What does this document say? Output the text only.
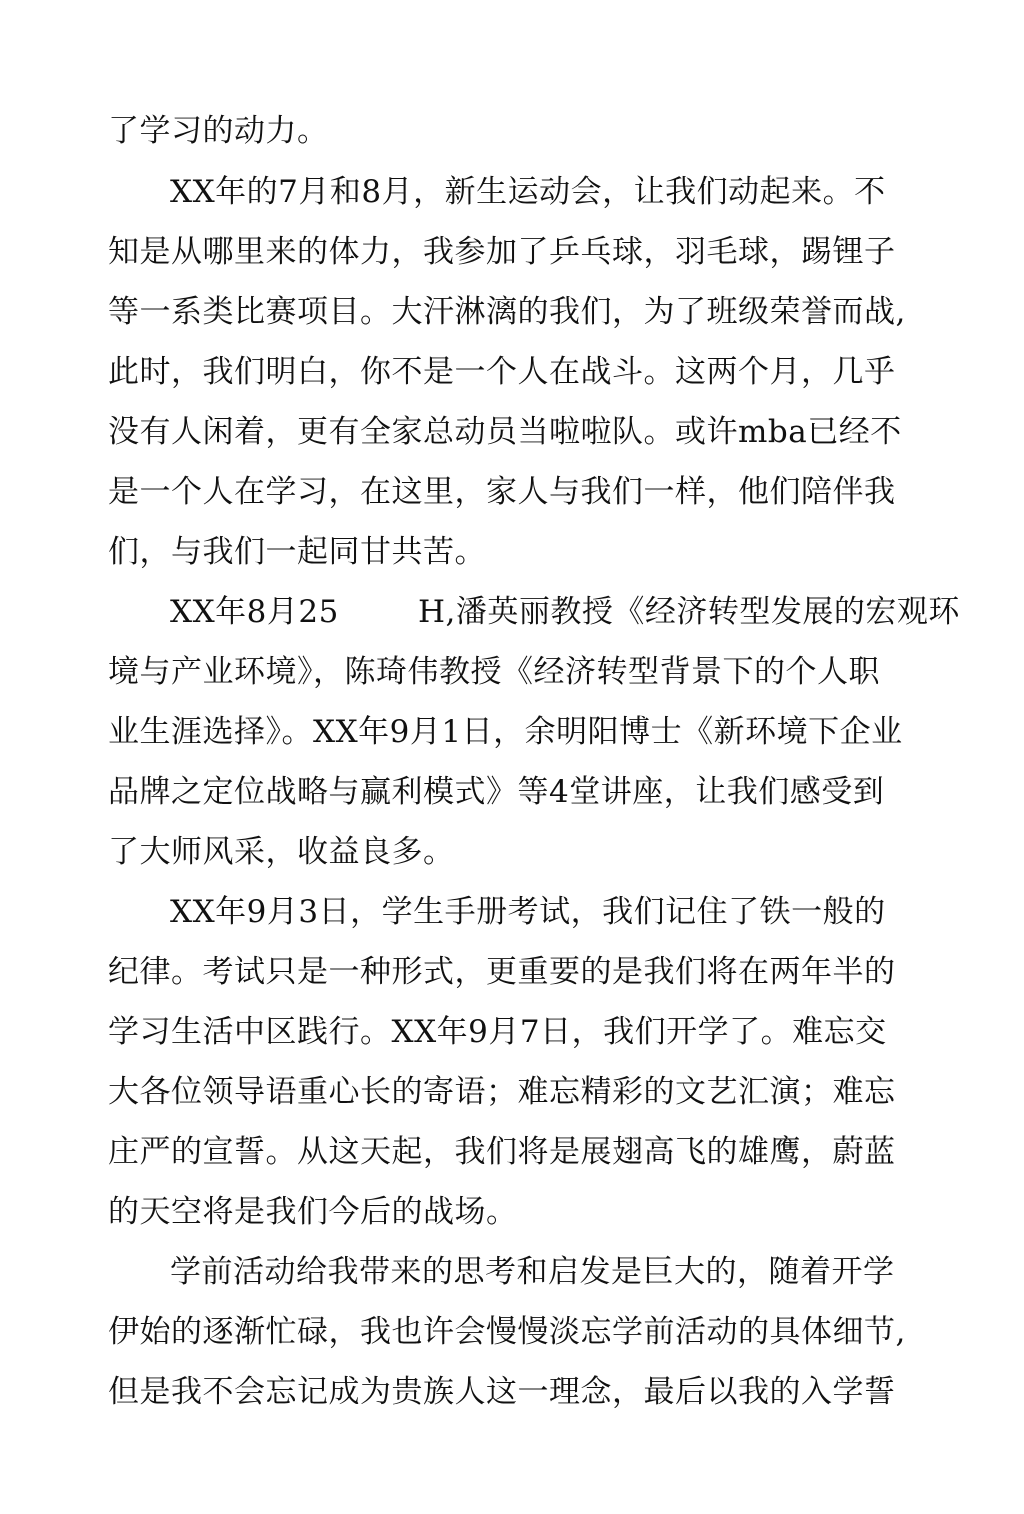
了学习的动力。
XX年的7月和8月，新生运动会，让我们动起来。不
知是从哪里来的体力，我参加了乒乓球，羽毛球，踢锂子
等一系类比赛项目。大汗淋漓的我们，为了班级荣誉而战,
此时，我们明白，你不是一个人在战斗。这两个月，几乎
没有人闲着，更有全家总动员当啦啦队。或许mba已经不
是一个人在学习，在这里，家人与我们一样，他们陪伴我
们，与我们一起同甘共苦。
XX年8月25	H,潘英丽教授《经济转型发展的宏观环
境与产业环境》，陈琦伟教授《经济转型背景下的个人职
业生涯选择》。XX年9月1日，余明阳博士《新环境下企业
品牌之定位战略与赢利模式》等4堂讲座，让我们感受到
了大师风采，收益良多。
XX年9月3日，学生手册考试，我们记住了铁一般的
纪律。考试只是一种形式，更重要的是我们将在两年半的
学习生活中区践行。XX年9月7日，我们开学了。难忘交
大各位领导语重心长的寄语；难忘精彩的文艺汇演；难忘
庄严的宣誓。从这天起，我们将是展翅高飞的雄鹰，蔚蓝
的天空将是我们今后的战场。
学前活动给我带来的思考和启发是巨大的，随着开学
伊始的逐渐忙碌，我也许会慢慢淡忘学前活动的具体细节,
但是我不会忘记成为贵族人这一理念，最后以我的入学誓
